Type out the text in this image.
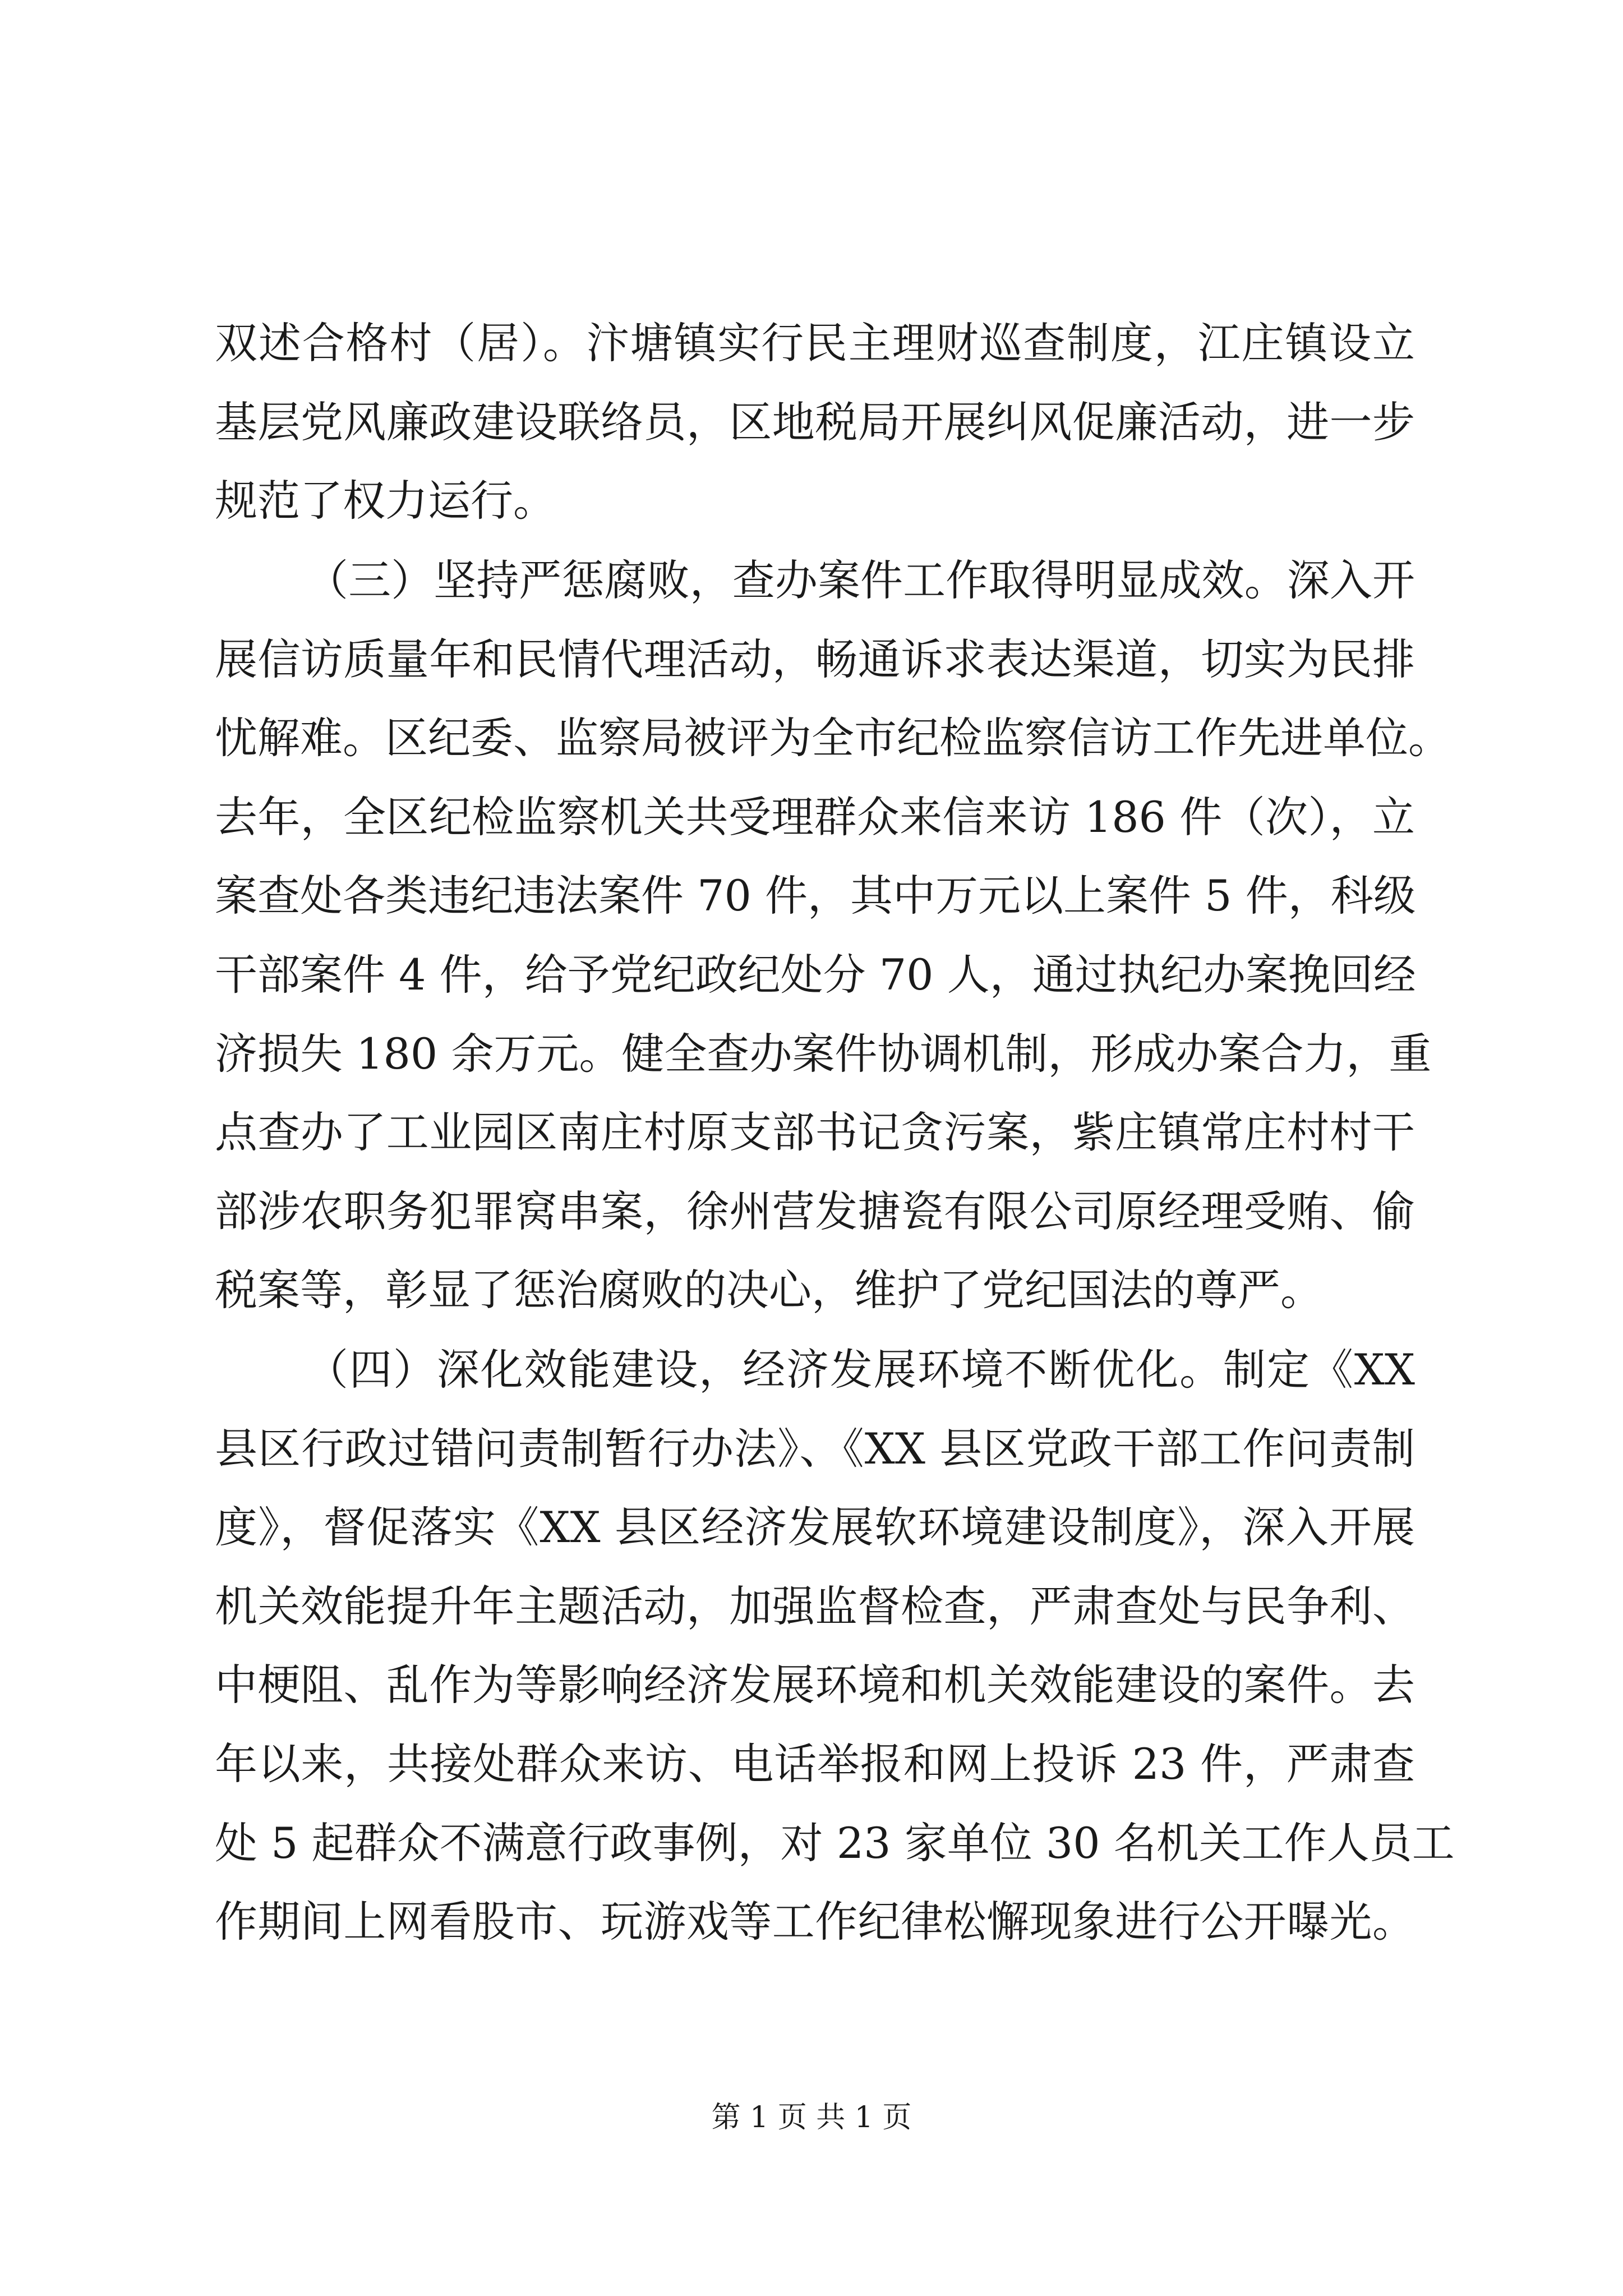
双述合格村（居）。汴塘镇实行民主理财巡查制度，江庄镇设立
基层党风廉政建设联络员，区地税局开展纠风促廉活动，进一步
规范了权力运行。
（三）坚持严惩腐败，查办案件工作取得明显成效。深入开
展信访质量年和民情代理活动，畅通诉求表达渠道，切实为民排
忧解难。区纪委、监察局被评为全市纪检监察信访工作先进单位。
去年，全区纪检监察机关共受理群众来信来访 186 件（次），立
案查处各类违纪违法案件 70 件，其中万元以上案件 5 件，科级
干部案件 4 件，给予党纪政纪处分 70 人，通过执纪办案挽回经
济损失 180 余万元。健全查办案件协调机制，形成办案合力，重
点查办了工业园区南庄村原支部书记贪污案，紫庄镇常庄村村干
部涉农职务犯罪窝串案，徐州营发搪瓷有限公司原经理受贿、偷
税案等，彰显了惩治腐败的决心，维护了党纪国法的尊严。
（四）深化效能建设，经济发展环境不断优化。制定《XX
县区行政过错问责制暂行办法》、《XX 县区党政干部工作问责制
度》，督促落实《XX 县区经济发展软环境建设制度》，深入开展
机关效能提升年主题活动，加强监督检查，严肃查处与民争利、
中梗阻、乱作为等影响经济发展环境和机关效能建设的案件。去
年以来，共接处群众来访、电话举报和网上投诉 23 件，严肃查
处 5 起群众不满意行政事例，对 23 家单位 30 名机关工作人员工
作期间上网看股市、玩游戏等工作纪律松懈现象进行公开曝光。
第 1 页 共 1 页
